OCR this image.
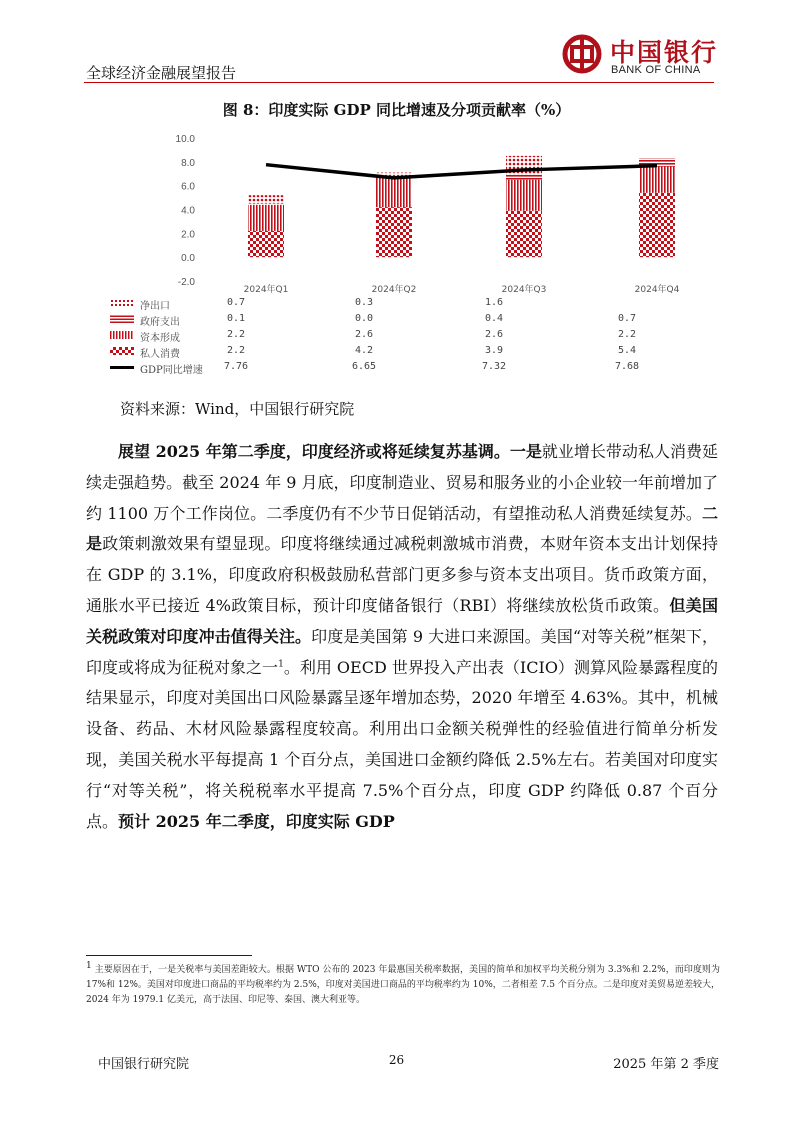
全球经济金融展望报告
中国银行
BANK OF CHINA
图 8：印度实际 GDP 同比增速及分项贡献率（%）
-2.0
0.0
2.0
4.0
6.0
8.0
10.0
2024年Q1	2024年Q2	2024年Q3	2024年Q4
净出口	0.7	0.3	1.6
政府支出	0.1	0.0	0.4	0.7
资本形成	2.2	2.6	2.6	2.2
私人消费	2.2	4.2	3.9	5.4
GDP同比增速	7.76	6.65	7.32	7.68
资料来源：Wind，中国银行研究院

展望 2025 年第二季度，印度经济或将延续复苏基调。一是就业增长带动私人消费延续走强趋势。截至 2024 年 9 月底，印度制造业、贸易和服务业的小企业较一年前增加了约 1100 万个工作岗位。二季度仍有不少节日促销活动，有望推动私人消费延续复苏。二是政策刺激效果有望显现。印度将继续通过减税刺激城市消费，本财年资本支出计划保持在 GDP 的 3.1%，印度政府积极鼓励私营部门更多参与资本支出项目。货币政策方面，通胀水平已接近 4%政策目标，预计印度储备银行（RBI）将继续放松货币政策。但美国关税政策对印度冲击值得关注。印度是美国第 9 大进口来源国。美国“对等关税”框架下，印度或将成为征税对象之一$^1$。利用 OECD 世界投入产出表（ICIO）测算风险暴露程度的结果显示，印度对美国出口风险暴露呈逐年增加态势，2020 年增至 4.63%。其中，机械设备、药品、木材风险暴露程度较高。利用出口金额关税弹性的经验值进行简单分析发现，美国关税水平每提高 1 个百分点，美国进口金额约降低 2.5%左右。若美国对印度实行“对等关税”，将关税税率水平提高 7.5%个百分点，印度 GDP 约降低 0.87 个百分点。预计 2025 年二季度，印度实际 GDP

$^1$ 主要原因在于，一是关税率与美国差距较大。根据 WTO 公布的 2023 年最惠国关税率数据，美国的简单和加权平均关税分别为 3.3%和 2.2%，而印度则为 17%和 12%。美国对印度进口商品的平均税率约为 2.5%，印度对美国进口商品的平均税率约为 10%，二者相差 7.5 个百分点。二是印度对美贸易逆差较大，2024 年为 1979.1 亿美元，高于法国、印尼等、泰国、澳大利亚等。
中国银行研究院	26	2025 年第 2 季度
